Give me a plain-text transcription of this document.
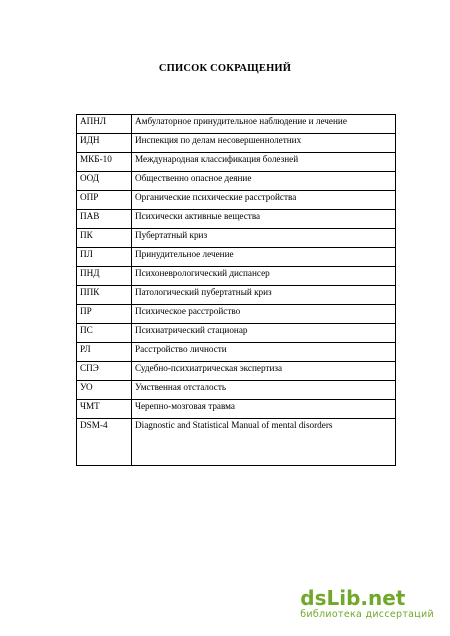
СПИСОК СОКРАЩЕНИЙ
АПНЛ	Амбулаторное принудительное наблюдение и лечение
ИДН	Инспекция по делам несовершеннолетних
МКБ-10	Международная классификация болезней
ООД	Общественно опасное деяние
ОПР	Органические психические расстройства
ПАВ	Психически активные вещества
ПК	Пубертатный криз
ПЛ	Принудительное лечение
ПНД	Психоневрологический диспансер
ППК	Патологический пубертатный криз
ПР	Психическое расстройство
ПС	Психиатрический стационар
РЛ	Расстройство личности
СПЭ	Судебно-психиатрическая экспертиза
УО	Умственная отсталость
ЧМТ	Черепно-мозговая травма
DSM-4	Diagnostic and Statistical Manual of mental disorders
dsLib.net
библиотека диссертаций
